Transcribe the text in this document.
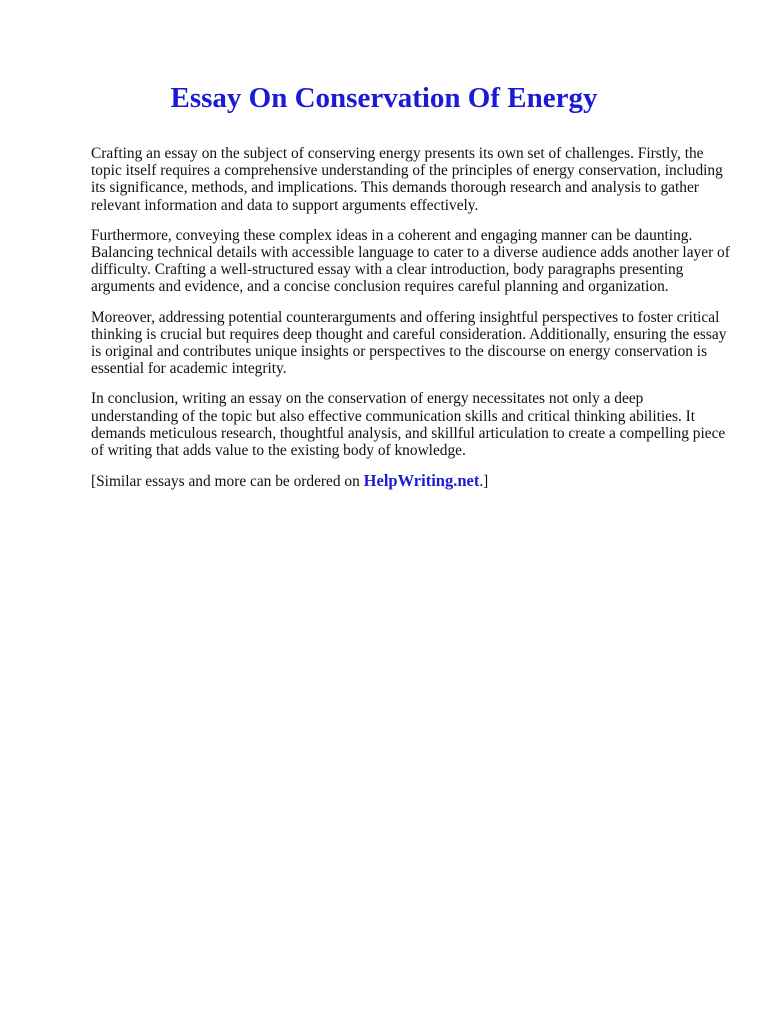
Essay On Conservation Of Energy

Crafting an essay on the subject of conserving energy presents its own set of challenges. Firstly, the topic itself requires a comprehensive understanding of the principles of energy conservation, including its significance, methods, and implications. This demands thorough research and analysis to gather relevant information and data to support arguments effectively.

Furthermore, conveying these complex ideas in a coherent and engaging manner can be daunting. Balancing technical details with accessible language to cater to a diverse audience adds another layer of difficulty. Crafting a well-structured essay with a clear introduction, body paragraphs presenting arguments and evidence, and a concise conclusion requires careful planning and organization.

Moreover, addressing potential counterarguments and offering insightful perspectives to foster critical thinking is crucial but requires deep thought and careful consideration. Additionally, ensuring the essay is original and contributes unique insights or perspectives to the discourse on energy conservation is essential for academic integrity.

In conclusion, writing an essay on the conservation of energy necessitates not only a deep understanding of the topic but also effective communication skills and critical thinking abilities. It demands meticulous research, thoughtful analysis, and skillful articulation to create a compelling piece of writing that adds value to the existing body of knowledge.

[Similar essays and more can be ordered on HelpWriting.net.]
